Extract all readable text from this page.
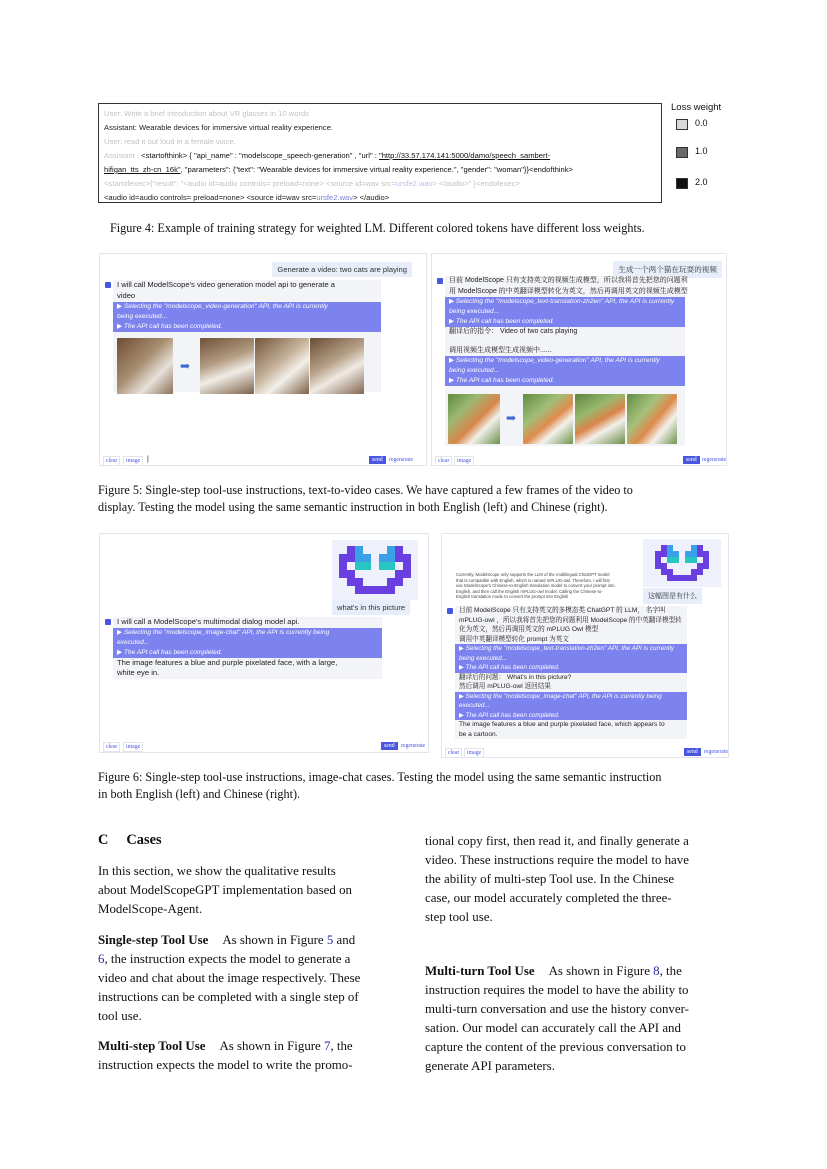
User: Write a brief introduction about VR glasses in 10 words
Assistant: Wearable devices for immersive virtual reality experience.
User: read it out loud in a female voice.
Assistant : <startofthink> { "api_name" : "modelscope_speech-generation" , "url" : "http://33.57.174.141:5000/damo/speech_sambert-
hifigan_tts_zh-cn_16k", "parameters": {"text": "Wearable devices for immersive virtual reality experience.", "gender": "woman"}}<endofthink>
<startofexec>{"result": "<audio id=audio controls= preload=none> <source id=wav src=ursfe2.wav> </audio>" }<endofexec>
<audio id=audio controls= preload=none> <source id=wav src=ursfe2.wav> </audio>
Loss weight
0.0
1.0
2.0
Figure 4: Example of training strategy for weighted LM. Different colored tokens have different loss weights.
Generate a video: two cats are playing
I will call ModelScope's video generation model api to generate a
video
▶ Selecting the "modelscope_video-generation" API, the API is currently
being executed...
▶ The API call has been completed.
➡
clear	image |	send	regenerate
生成一个两个猫在玩耍的视频
目前 ModelScope 只有支持英文的视频生成模型，所以我将首先把您的问题利
用 ModelScope 的中英翻译模型转化为英文，然后再调用英文的视频生成模型
▶ Selecting the "modelscope_text-translation-zh2en" API, the API is currently
being executed...
▶ The API call has been completed.
翻译后的指令： Video of two cats playing
调用视频生成模型生成视频中......
▶ Selecting the "modelscope_video-generation" API, the API is currently
being executed...
▶ The API call has been completed.
➡
clear	image	send regenerate
Figure 5: Single-step tool-use instructions, text-to-video cases. We have captured a few frames of the video to
display. Testing the model using the same semantic instruction in both English (left) and Chinese (right).
what's in this picture
I will call a ModelScope's multimodal dialog model api.
▶ Selecting the "modelscope_image-chat" API, the API is currently being
executed...
▶ The API call has been completed.
The image features a blue and purple pixelated face, with a large,
white eye in.
clear	image	send	regenerate
这幅图是有什么
Currently, ModelScope only supports the LLM of the multilingual ChatGPT model
that is compatible with English, which is named mPLUG-owl. Therefore, I will first
use ModelScope's Chinese-to-English translation model to convert your prompt into
English, and then call the English mPLUG-owl model. Calling the Chinese-to-
English translation mode to convert the prompt into English
目前 ModelScope 只有支持英文的多模态类 ChatGPT 的 LLM， 名字叫
mPLUG-owl ，所以我将首先把您的问题利用 ModelScope 的中英翻译模型转
化为英文，然后再调用英文的 mPLUG Owl 模型
调用中英翻译模型转化 prompt 为英文
▶ Selecting the "modelscope_text-translation-zh2en" API, the API is currently
being executed...
▶ The API call has been completed.
翻译后的问题： What's in this picture?
然后调用 mPLUG-owl 返回结果
▶ Selecting the "modelscope_image-chat" API, the API is currently being
executed...
▶ The API call has been completed.
The image features a blue and purple pixelated face, which appears to
be a cartoon.
clear	image	send	regenerate
Figure 6: Single-step tool-use instructions, image-chat cases. Testing the model using the same semantic instruction
in both English (left) and Chinese (right).
C Cases
In this section, we show the qualitative results
about ModelScopeGPT implementation based on
ModelScope-Agent.
Single-step Tool Use As shown in Figure 5 and
6, the instruction expects the model to generate a
video and chat about the image respectively. These
instructions can be completed with a single step of
tool use.
Multi-step Tool Use As shown in Figure 7, the
instruction expects the model to write the promo-
tional copy first, then read it, and finally generate a
video. These instructions require the model to have
the ability of multi-step Tool use. In the Chinese
case, our model accurately completed the three-
step tool use.
Multi-turn Tool Use As shown in Figure 8, the
instruction requires the model to have the ability to
multi-turn conversation and use the history conver-
sation. Our model can accurately call the API and
capture the content of the previous conversation to
generate API parameters.
